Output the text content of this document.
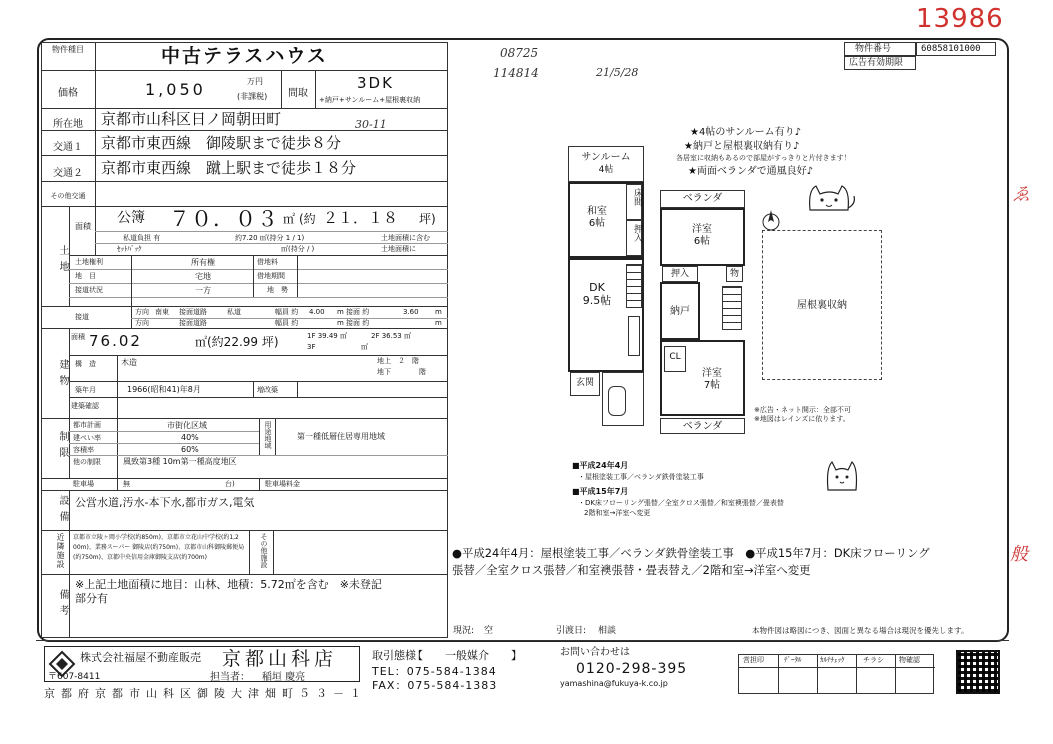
13986
08725
114814	21/5/28
30-11
ゑ
般
物件種目	中古テラスハウス
価格	1,050	万円
(非課税)	間取
3DK
+納戸+サンルーム+屋根裏収納
所在地	京都市山科区日ノ岡朝田町
交通１	京都市東西線　御陵駅まで徒歩８分
交通２	京都市東西線　蹴上駅まで徒歩１８分
その他交通
土地
面積
公簿 ７０．０３ ㎡ (約 ２１．１８ 坪)
私道負担 有	約7.20 ㎡(持分 1 / 1)	土地面積に含む
ｾｯﾄﾊﾞｯｸ	㎡(持分 / )	土地面積に
土地権利	所有権	借地料
地　目	宅地	借地期間
接道状況	一方	地　勢
接道
方向 南東 接面道路	私道	幅員 約 4.00 m 接面 約	3.60 m
方向	接面道路	幅員 約	m 接面 約	m
建物
面積 76.02	㎡(約22.99 坪)	1F 39.49 ㎡	2F 36.53 ㎡
3F	㎡
構　造	木造	地上　２　階
地下　　　　階
築年月	1966(昭和41)年8月	増改築
建築確認
制限
都市計画	市街化区域
建ぺい率	40%
容積率	60%
用途地域	第一種低層住居専用地域
他の制限	風致第3種 10m第一種高度地区
駐車場	無	台)	駐車場料金
設備 公営水道,汚水-本下水,都市ガス,電気
近隣施設 京都市立陵ヶ岡小学校(約850m)、京都市立花山中学校(約1,2
00m)、業務スーパー 御陵店(約750m)、京都市山科御陵郵便局
(約750m)、京都中央信用金庫御陵支店(約700m)	その他施設
備考
※上記土地面積に地目：山林、地積：5.72㎡を含む　※未登記
部分有
物件番号	60858101000
広告有効期限
★4帖のサンルーム有り♪
★納戸と屋根裏収納有り♪
各居室に収納もあるので部屋がすっきりと片付きます！
★両面ベランダで通風良好♪
サンルーム
4帖
和室
6帖
床間
押入
DK
9.5帖
玄関
ベランダ
洋室
6帖
押入	物
納戸
CL
洋室
7帖
ベランダ
屋根裏収納
※広告・ネット開示：全部不可
※地図はレインズに依ります。
■平成24年4月
・屋根塗装工事／ベランダ鉄骨塗装工事
■平成15年7月
・DK床フローリング張替／全室クロス張替／和室襖張替／畳表替
2階和室→洋室へ変更
●平成24年4月：屋根塗装工事／ベランダ鉄骨塗装工事　●平成15年7月：DK床フローリング
張替／全室クロス張替／和室襖張替・畳表替え／2階和室→洋室へ変更
現況: 空	引渡日: 相談	本物件図は略図につき、図面と異なる場合は現況を優先します。
株式会社福屋不動産販売 京都山科店
〒607-8411	担当者： 稲垣 慶亮
京都府京都市山科区御陵大津畑町５３－１
取引態様
【　　一般媒介　　】
TEL：075-584-1384
FAX：075-584-1383
お問い合わせは
0120-298-395
yamashina@fukuya-k.co.jp
営担印	ﾃﾞｰﾀﾙ	ｶﾙﾃﾁｪｯｸ	チラシ 物確認
